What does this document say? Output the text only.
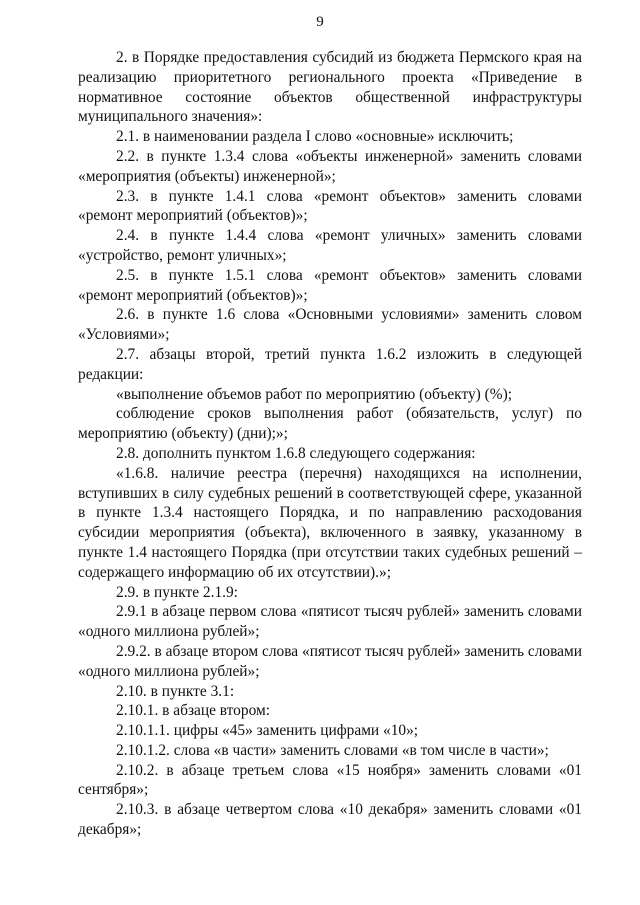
9

2. в Порядке предоставления субсидий из бюджета Пермского края на реализацию приоритетного регионального проекта «Приведение в нормативное состояние объектов общественной инфраструктуры муниципального значения»:

2.1. в наименовании раздела I слово «основные» исключить;

2.2. в пункте 1.3.4 слова «объекты инженерной» заменить словами «мероприятия (объекты) инженерной»;

2.3. в пункте 1.4.1 слова «ремонт объектов» заменить словами «ремонт мероприятий (объектов)»;

2.4. в пункте 1.4.4 слова «ремонт уличных» заменить словами «устройство, ремонт уличных»;

2.5. в пункте 1.5.1 слова «ремонт объектов» заменить словами «ремонт мероприятий (объектов)»;

2.6. в пункте 1.6 слова «Основными условиями» заменить словом «Условиями»;

2.7. абзацы второй, третий пункта 1.6.2 изложить в следующей редакции:

«выполнение объемов работ по мероприятию (объекту) (%);

соблюдение сроков выполнения работ (обязательств, услуг) по мероприятию (объекту) (дни);»;

2.8. дополнить пунктом 1.6.8 следующего содержания:

«1.6.8. наличие реестра (перечня) находящихся на исполнении, вступивших в силу судебных решений в соответствующей сфере, указанной в пункте 1.3.4 настоящего Порядка, и по направлению расходования субсидии мероприятия (объекта), включенного в заявку, указанному в пункте 1.4 настоящего Порядка (при отсутствии таких судебных решений – содержащего информацию об их отсутствии).»;

2.9. в пункте 2.1.9:

2.9.1 в абзаце первом слова «пятисот тысяч рублей» заменить словами «одного миллиона рублей»;

2.9.2. в абзаце втором слова «пятисот тысяч рублей» заменить словами «одного миллиона рублей»;

2.10. в пункте 3.1:

2.10.1. в абзаце втором:

2.10.1.1. цифры «45» заменить цифрами «10»;

2.10.1.2. слова «в части» заменить словами «в том числе в части»;

2.10.2. в абзаце третьем слова «15 ноября» заменить словами «01 сентября»;

2.10.3. в абзаце четвертом слова «10 декабря» заменить словами «01 декабря»;
